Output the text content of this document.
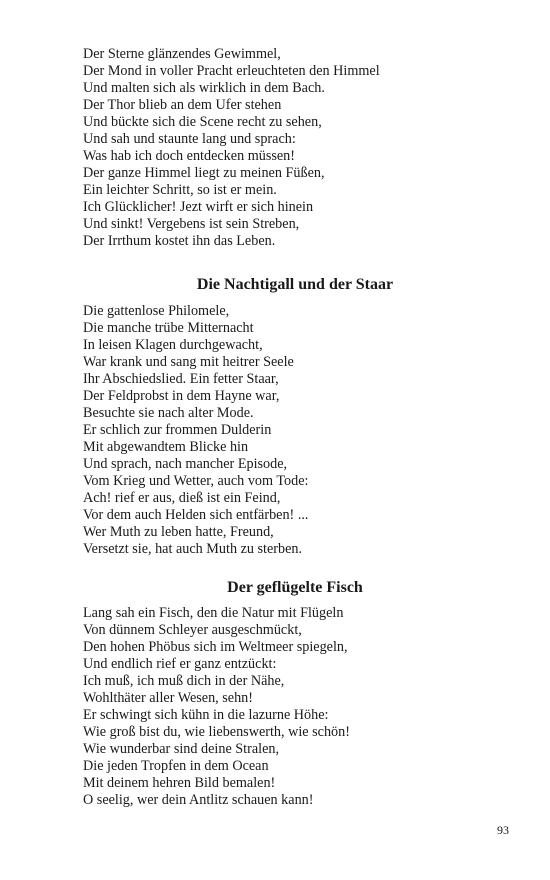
Der Sterne glänzendes Gewimmel,
Der Mond in voller Pracht erleuchteten den Himmel
Und malten sich als wirklich in dem Bach.
Der Thor blieb an dem Ufer stehen
Und bückte sich die Scene recht zu sehen,
Und sah und staunte lang und sprach:
Was hab ich doch entdecken müssen!
Der ganze Himmel liegt zu meinen Füßen,
Ein leichter Schritt, so ist er mein.
Ich Glücklicher! Jezt wirft er sich hinein
Und sinkt! Vergebens ist sein Streben,
Der Irrthum kostet ihn das Leben.
Die Nachtigall und der Staar
Die gattenlose Philomele,
Die manche trübe Mitternacht
In leisen Klagen durchgewacht,
War krank und sang mit heitrer Seele
Ihr Abschiedslied. Ein fetter Staar,
Der Feldprobst in dem Hayne war,
Besuchte sie nach alter Mode.
Er schlich zur frommen Dulderin
Mit abgewandtem Blicke hin
Und sprach, nach mancher Episode,
Vom Krieg und Wetter, auch vom Tode:
Ach! rief er aus, dieß ist ein Feind,
Vor dem auch Helden sich entfärben! ...
Wer Muth zu leben hatte, Freund,
Versetzt sie, hat auch Muth zu sterben.
Der geflügelte Fisch
Lang sah ein Fisch, den die Natur mit Flügeln
Von dünnem Schleyer ausgeschmückt,
Den hohen Phöbus sich im Weltmeer spiegeln,
Und endlich rief er ganz entzückt:
Ich muß, ich muß dich in der Nähe,
Wohlthäter aller Wesen, sehn!
Er schwingt sich kühn in die lazurne Höhe:
Wie groß bist du, wie liebenswerth, wie schön!
Wie wunderbar sind deine Stralen,
Die jeden Tropfen in dem Ocean
Mit deinem hehren Bild bemalen!
O seelig, wer dein Antlitz schauen kann!
93
